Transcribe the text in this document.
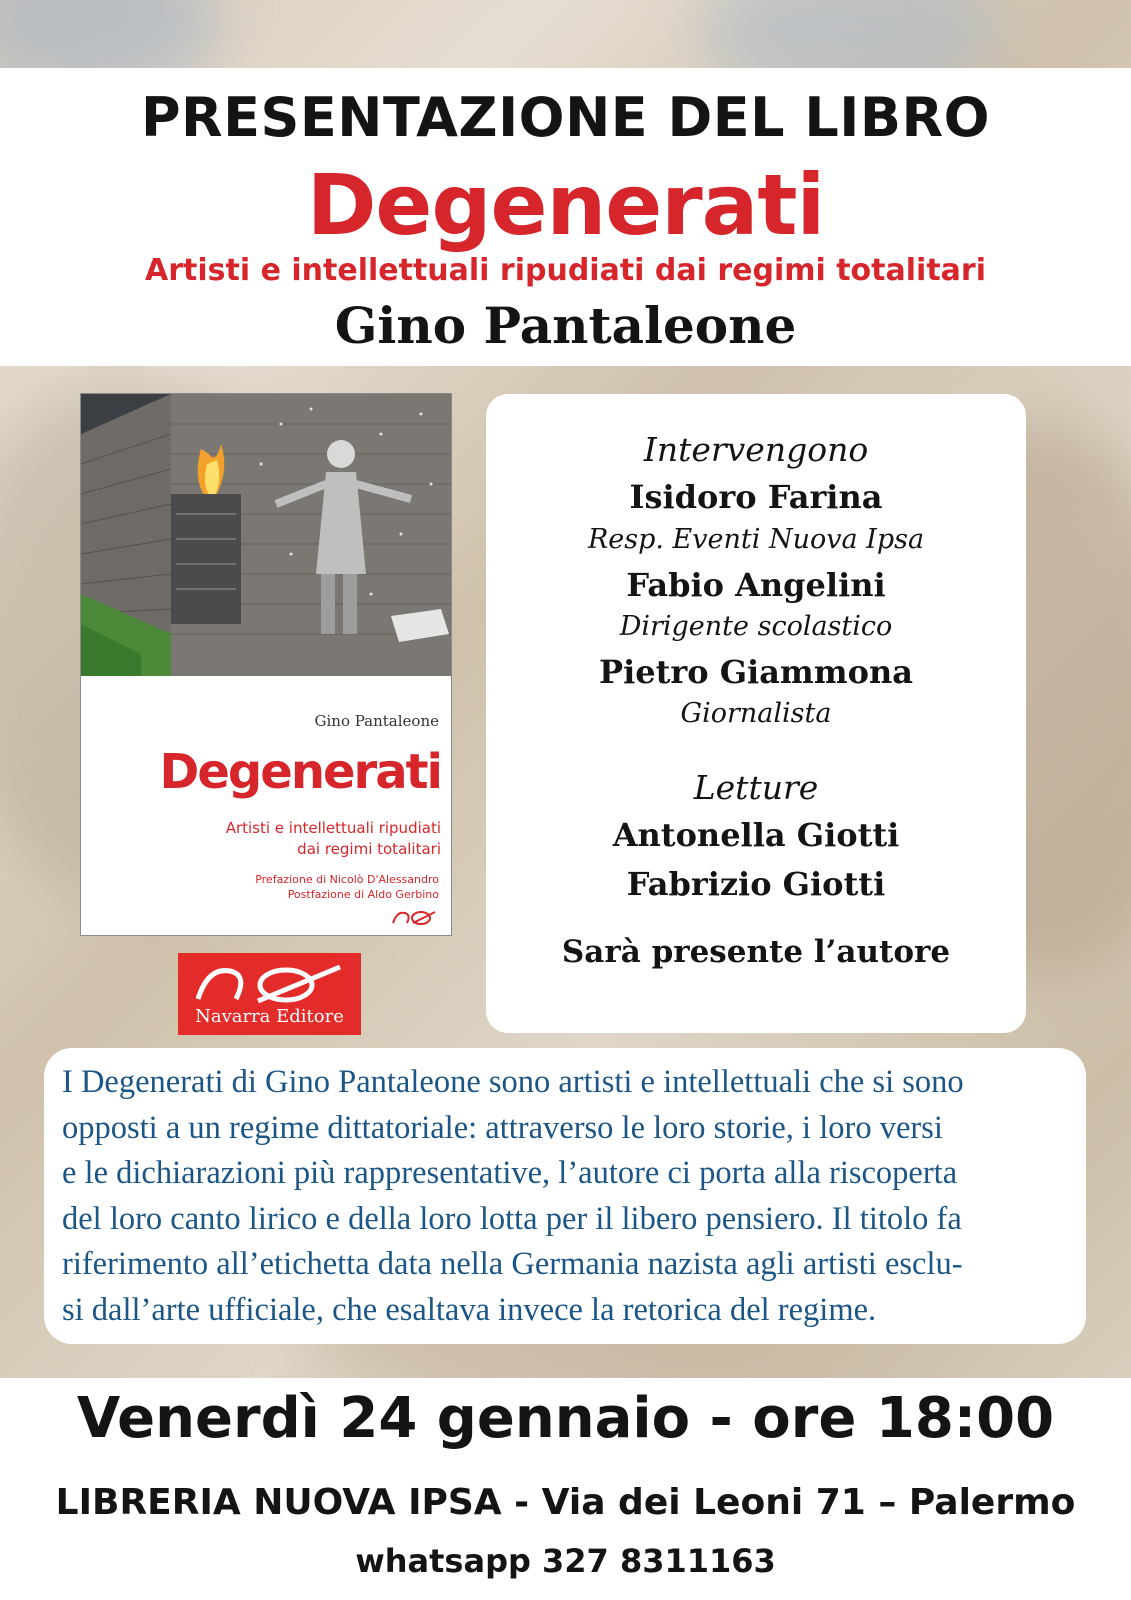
PRESENTAZIONE DEL LIBRO
Degenerati
Artisti e intellettuali ripudiati dai regimi totalitari
Gino Pantaleone
Gino Pantaleone
Degenerati
Artisti e intellettuali ripudiati
dai regimi totalitari
Prefazione di Nicolò D'Alessandro
Postfazione di Aldo Gerbino
Navarra Editore
Intervengono
Isidoro Farina
Resp. Eventi Nuova Ipsa
Fabio Angelini
Dirigente scolastico
Pietro Giammona
Giornalista
Letture
Antonella Giotti
Fabrizio Giotti
Sarà presente l’autore
I Degenerati di Gino Pantaleone sono artisti e intellettuali che si sono
opposti a un regime dittatoriale: attraverso le loro storie, i loro versi
e le dichiarazioni più rappresentative, l’autore ci porta alla riscoperta
del loro canto lirico e della loro lotta per il libero pensiero. Il titolo fa
riferimento all’etichetta data nella Germania nazista agli artisti esclu-
si dall’arte ufficiale, che esaltava invece la retorica del regime.
Venerdì 24 gennaio - ore 18:00
LIBRERIA NUOVA IPSA - Via dei Leoni 71 – Palermo
whatsapp 327 8311163
